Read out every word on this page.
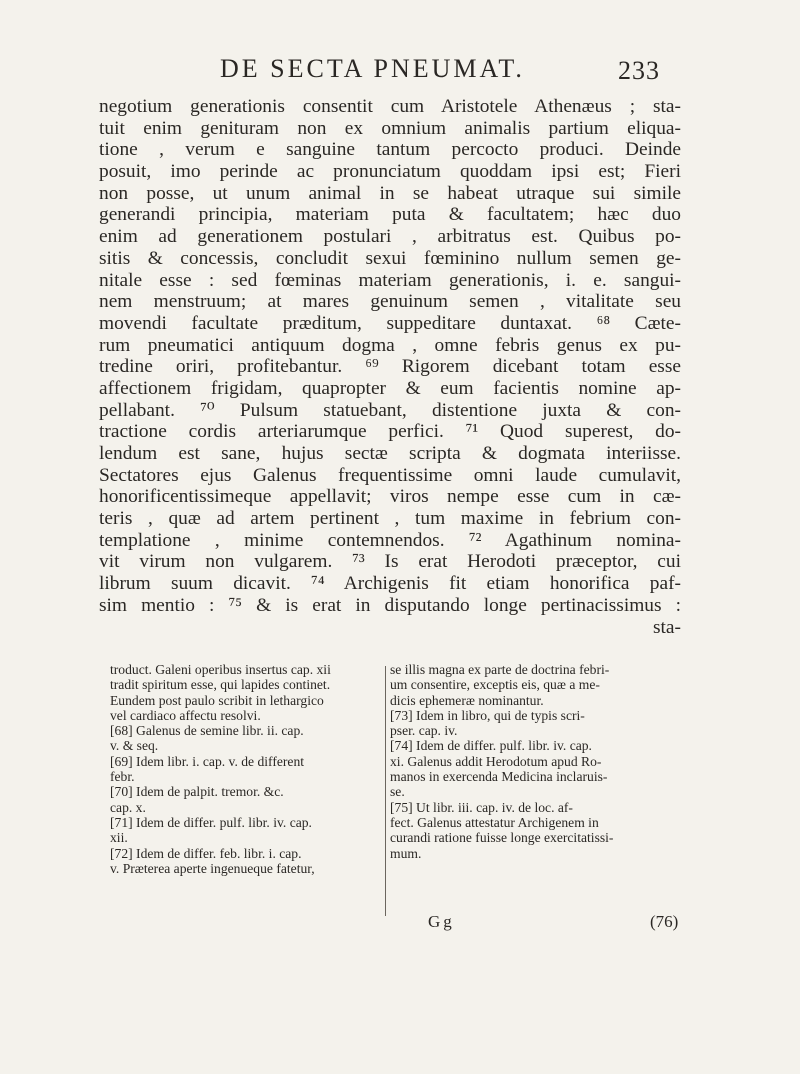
DE SECTA PNEUMAT.	233
negotium generationis consentit cum Aristotele Athenæus ; sta-
tuit enim genituram non ex omnium animalis partium eliqua-
tione , verum e sanguine tantum percocto produci. Deinde
posuit, imo perinde ac pronunciatum quoddam ipsi est; Fieri
non posse, ut unum animal in se habeat utraque sui simile
generandi principia, materiam puta & facultatem; hæc duo
enim ad generationem postulari , arbitratus est. Quibus po-
sitis & concessis, concludit sexui fœminino nullum semen ge-
nitale esse : sed fœminas materiam generationis, i. e. sangui-
nem menstruum; at mares genuinum semen , vitalitate seu
movendi facultate præditum, suppeditare duntaxat. ⁶⁸ Cæte-
rum pneumatici antiquum dogma , omne febris genus ex pu-
tredine oriri, profitebantur. ⁶⁹ Rigorem dicebant totam esse
affectionem frigidam, quapropter & eum facientis nomine ap-
pellabant. ⁷⁰ Pulsum statuebant, distentione juxta & con-
tractione cordis arteriarumque perfici. ⁷¹ Quod superest, do-
lendum est sane, hujus sectæ scripta & dogmata interiisse.
Sectatores ejus Galenus frequentissime omni laude cumulavit,
honorificentissimeque appellavit; viros nempe esse cum in cæ-
teris , quæ ad artem pertinent , tum maxime in febrium con-
templatione , minime contemnendos. ⁷² Agathinum nomina-
vit virum non vulgarem. ⁷³ Is erat Herodoti præceptor, cui
librum suum dicavit. ⁷⁴ Archigenis fit etiam honorifica paf-
sim mentio : ⁷⁵ & is erat in disputando longe pertinacissimus :
sta-
troduct. Galeni operibus insertus cap. xii
tradit spiritum esse, qui lapides continet.
Eundem post paulo scribit in lethargico
vel cardiaco affectu resolvi.
[68] Galenus de semine libr. ii. cap.
v. & seq.
[69] Idem libr. i. cap. v. de different
febr.
[70] Idem de palpit. tremor. &c.
cap. x.
[71] Idem de differ. pulf. libr. iv. cap.
xii.
[72] Idem de differ. feb. libr. i. cap.
v. Præterea aperte ingenueque fatetur,
se illis magna ex parte de doctrina febri-
um consentire, exceptis eis, quæ a me-
dicis ephemeræ nominantur.
[73] Idem in libro, qui de typis scri-
pser. cap. iv.
[74] Idem de differ. pulf. libr. iv. cap.
xi. Galenus addit Herodotum apud Ro-
manos in exercenda Medicina inclaruis-
se.
[75] Ut libr. iii. cap. iv. de loc. af-
fect. Galenus attestatur Archigenem in
curandi ratione fuisse longe exercitatissi-
mum.
Gg	(76)
